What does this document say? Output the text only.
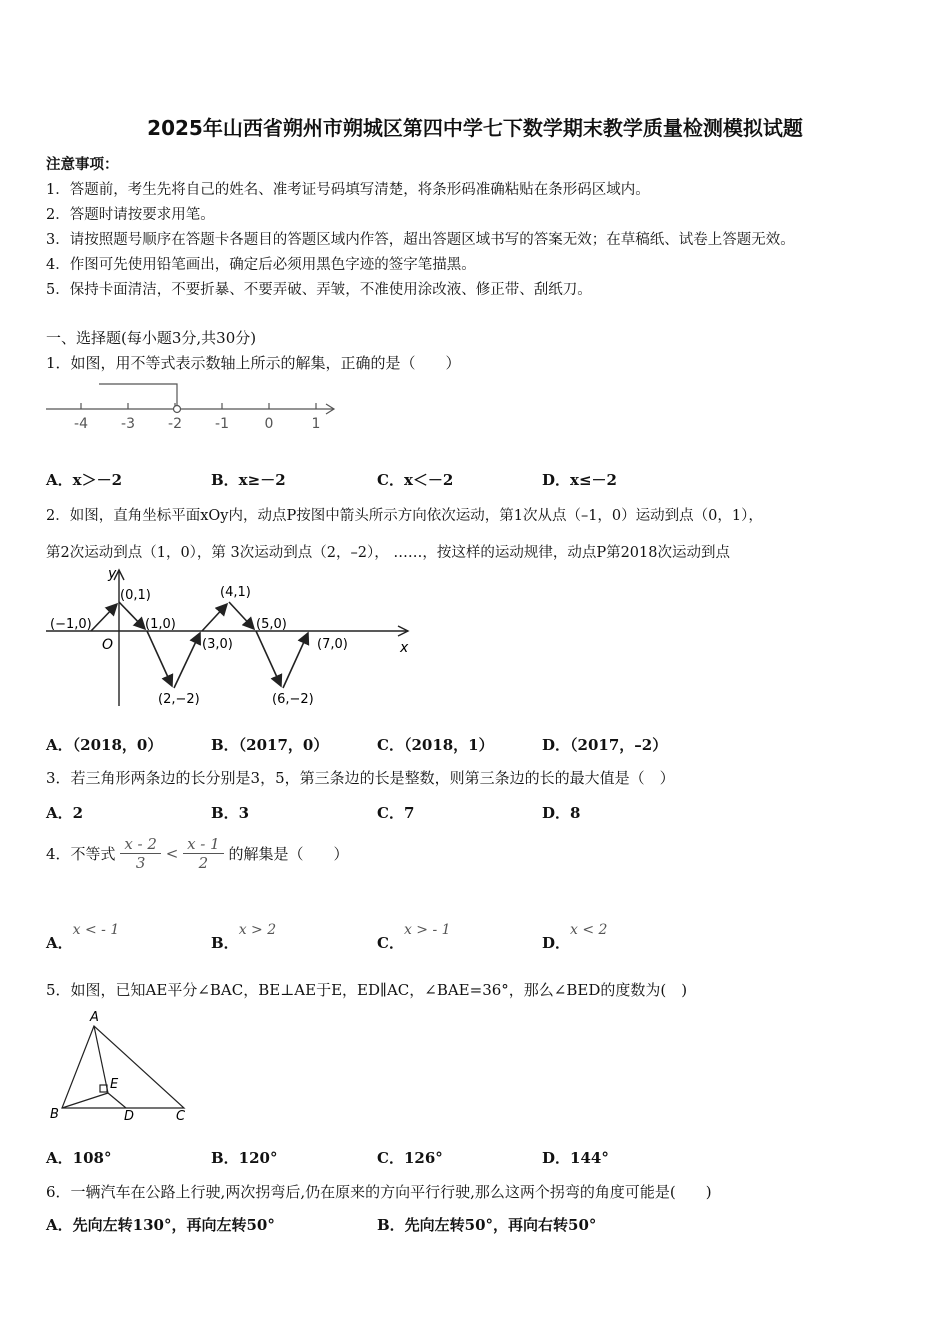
2025年山西省朔州市朔城区第四中学七下数学期末教学质量检测模拟试题
注意事项：
1．答题前，考生先将自己的姓名、准考证号码填写清楚，将条形码准确粘贴在条形码区域内。
2．答题时请按要求用笔。
3．请按照题号顺序在答题卡各题目的答题区域内作答，超出答题区域书写的答案无效；在草稿纸、试卷上答题无效。
4．作图可先使用铅笔画出，确定后必须用黑色字迹的签字笔描黑。
5．保持卡面清洁，不要折暴、不要弄破、弄皱，不准使用涂改液、修正带、刮纸刀。
一、选择题(每小题3分,共30分)
1．如图，用不等式表示数轴上所示的解集，正确的是（　　）
-4 -3 -2 -1	0	1
A．x＞－2	B．x≥－2	C．x＜－2	D．x≤－2
2．如图，直角坐标平面xOy内，动点P按图中箭头所示方向依次运动，第1次从点（–1，0）运动到点（0，1），
第2次运动到点（1，0），第 3次运动到点（2，–2）， ……，按这样的运动规律，动点P第2018次运动到点
y
x
O
(−1,0)
(0,1)
(1,0)
(2,−2)
(3,0)
(4,1)
(5,0)
(6,−2)
(7,0)
A．（2018，0）	B．（2017，0）	C．（2018，1）	D．（2017，–2）
3．若三角形两条边的长分别是3，5，第三条边的长是整数，则第三条边的长的最大值是（　）
A．2	B．3	C．7	D．8
4．不等式 $\frac{x - 2}{3} < \frac{x - 1}{2}$ 的解集是（　　）
A．x < - 1
B．x > 2
C．x > - 1
D．x < 2
5．如图，已知AE平分∠BAC，BE⊥AE于E，ED∥AC，∠BAE=36°，那么∠BED的度数为(　)
A
B	C
D
E
A．108°	B．120°	C．126°	D．144°
6．一辆汽车在公路上行驶,两次拐弯后,仍在原来的方向平行行驶,那么这两个拐弯的角度可能是(　　)
A．先向左转130°，再向左转50°	B．先向左转50°，再向右转50°
